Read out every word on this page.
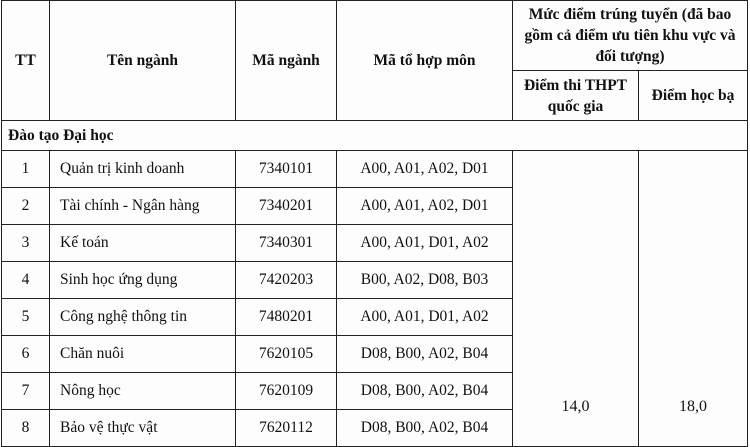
TT	Tên ngành	Mã ngành	Mã tổ hợp môn	Mức điểm trúng tuyển (đã bao gồm cả điểm ưu tiên khu vực và đối tượng)	
				Điểm thi THPT quốc gia	Điểm học bạ
Đào tạo Đại học					
1	Quản trị kinh doanh	7340101	A00, A01, A02, D01	14,0	18,0
2	Tài chính - Ngân hàng	7340201	A00, A01, A02, D01		
3	Kế toán	7340301	A00, A01, D01, A02		
4	Sinh học ứng dụng	7420203	B00, A02, D08, B03		
5	Công nghệ thông tin	7480201	A00, A01, D01, A02		
6	Chăn nuôi	7620105	D08, B00, A02, B04		
7	Nông học	7620109	D08, B00, A02, B04		
8	Bảo vệ thực vật	7620112	D08, B00, A02, B04		
